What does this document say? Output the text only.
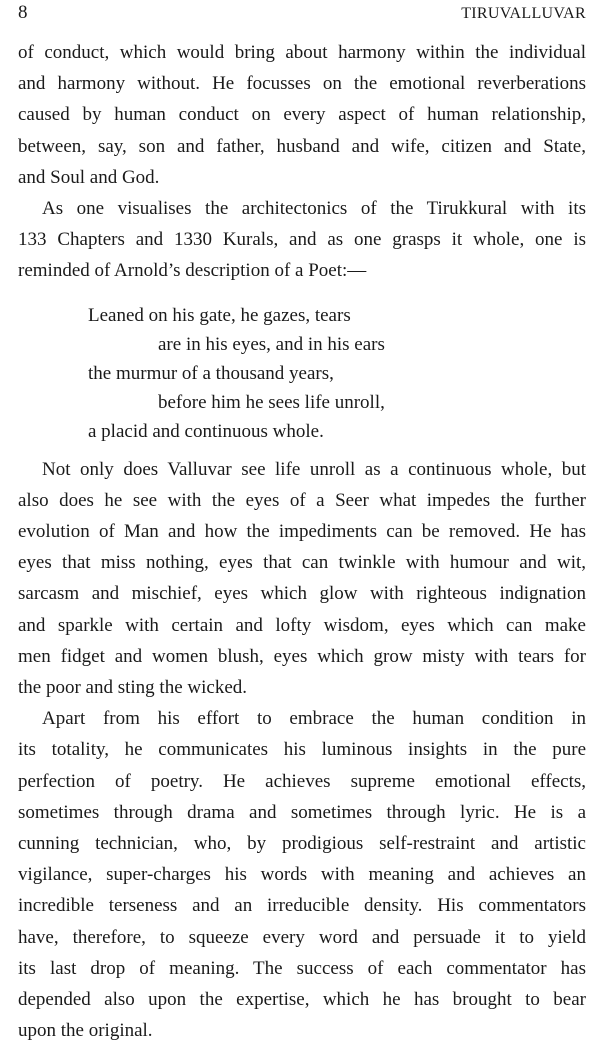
8	TIRUVALLUVAR

of conduct, which would bring about harmony within the individual
and harmony without. He focusses on the emotional reverberations
caused by human conduct on every aspect of human relationship,
between, say, son and father, husband and wife, citizen and State,
and Soul and God.

As one visualises the architectonics of the Tirukkural with its
133 Chapters and 1330 Kurals, and as one grasps it whole, one is
reminded of Arnold’s description of a Poet:—

Leaned on his gate, he gazes, tears
are in his eyes, and in his ears
the murmur of a thousand years,
before him he sees life unroll,
a placid and continuous whole.

Not only does Valluvar see life unroll as a continuous whole, but
also does he see with the eyes of a Seer what impedes the further
evolution of Man and how the impediments can be removed. He has
eyes that miss nothing, eyes that can twinkle with humour and wit,
sarcasm and mischief, eyes which glow with righteous indignation
and sparkle with certain and lofty wisdom, eyes which can make
men fidget and women blush, eyes which grow misty with tears for
the poor and sting the wicked.

Apart from his effort to embrace the human condition in
its totality, he communicates his luminous insights in the pure
perfection of poetry. He achieves supreme emotional effects,
sometimes through drama and sometimes through lyric. He is a
cunning technician, who, by prodigious self-restraint and artistic
vigilance, super-charges his words with meaning and achieves an
incredible terseness and an irreducible density. His commentators
have, therefore, to squeeze every word and persuade it to yield
its last drop of meaning. The success of each commentator has
depended also upon the expertise, which he has brought to bear
upon the original.
